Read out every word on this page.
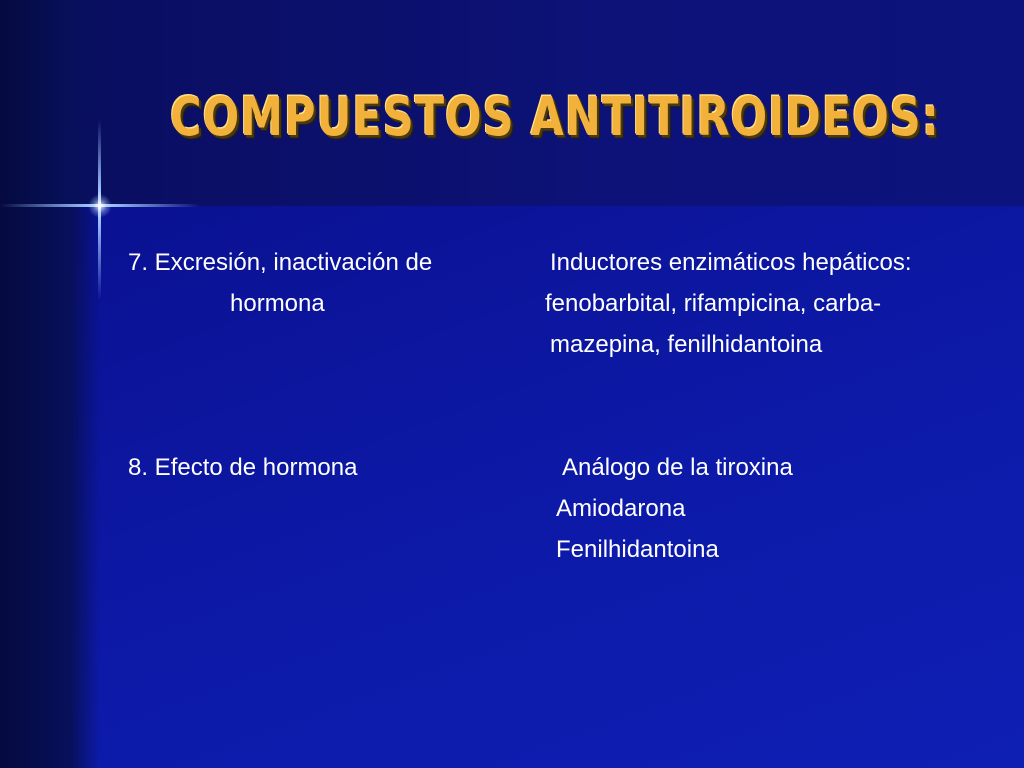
COMPUESTOS ANTITIROIDEOS:
7. Excresión, inactivación de
hormona
Inductores enzimáticos hepáticos:
fenobarbital, rifampicina, carba-
mazepina, fenilhidantoina
8. Efecto de hormona	Análogo de la tiroxina
Amiodarona
Fenilhidantoina
